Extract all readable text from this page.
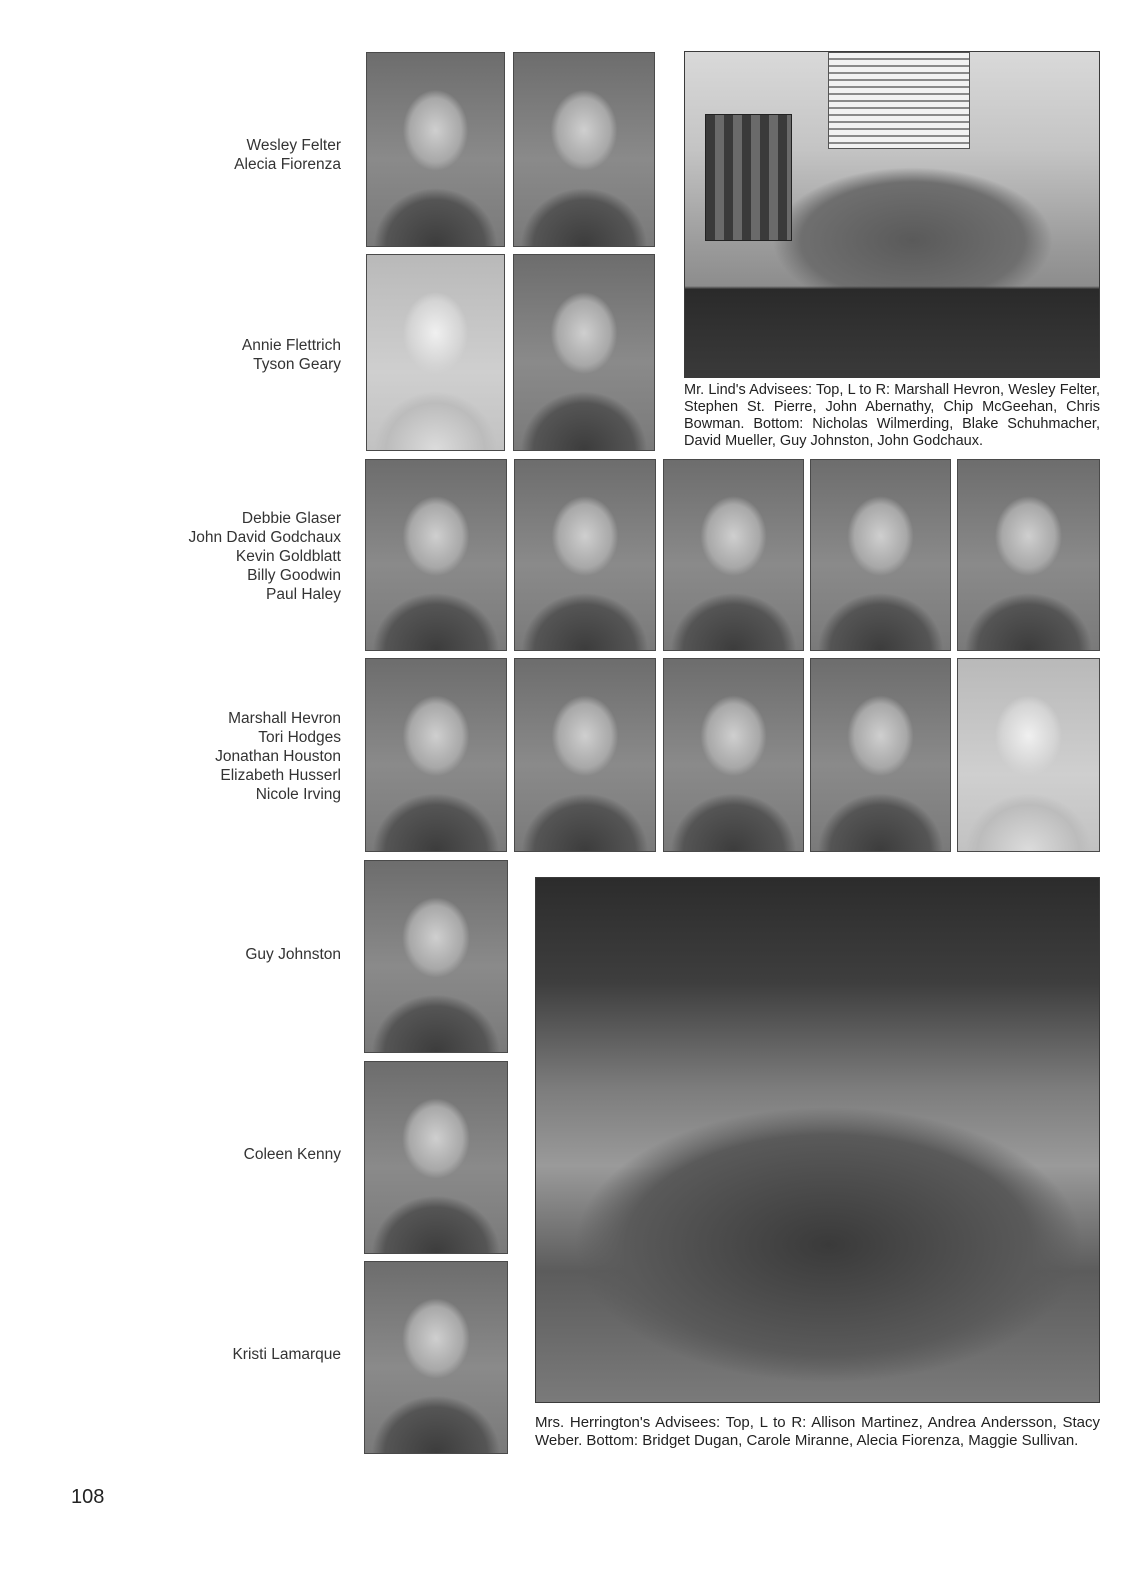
Wesley Felter
Alecia Fiorenza
Annie Flettrich
Tyson Geary
Debbie Glaser
John David Godchaux
Kevin Goldblatt
Billy Goodwin
Paul Haley
Marshall Hevron
Tori Hodges
Jonathan Houston
Elizabeth Husserl
Nicole Irving
Guy Johnston
Coleen Kenny
Kristi Lamarque
Mr. Lind's Advisees: Top, L to R: Marshall Hevron, Wesley Felter, Stephen St. Pierre, John Abernathy, Chip McGeehan, Chris Bowman. Bottom: Nicholas Wilmerding, Blake Schuhmacher, David Mueller, Guy Johnston, John Godchaux.
Mrs. Herrington's Advisees: Top, L to R: Allison Martinez, Andrea Andersson, Stacy Weber. Bottom: Bridget Dugan, Carole Miranne, Alecia Fiorenza, Maggie Sullivan.
108
